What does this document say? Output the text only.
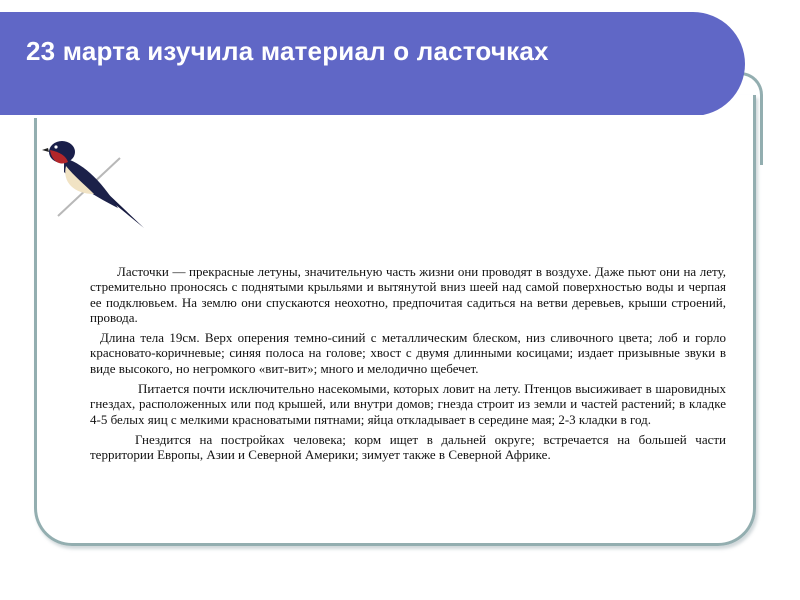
23 марта изучила материал о ласточках

Ласточки — прекрасные летуны, значительную часть жизни они проводят в воздухе. Даже пьют они на лету, стремительно проносясь с поднятыми крыльями и вытянутой вниз шеей над самой поверхностью воды и черпая ее подклювьем. На землю они спускаются неохотно, предпочитая садиться на ветви деревьев, крыши строений, провода.

Длина тела 19см. Верх оперения темно-синий с металлическим блеском, низ сливочного цвета; лоб и горло красновато-коричневые; синяя полоса на голове; хвост с двумя длинными косицами; издает призывные звуки в виде высокого, но негромкого «вит-вит»; много и мелодично щебечет.

Питается почти исключительно насекомыми, которых ловит на лету. Птенцов высиживает в шаровидных гнездах, расположенных или под крышей, или внутри домов; гнезда строит из земли и частей растений; в кладке 4-5 белых яиц с мелкими красноватыми пятнами; яйца откладывает в середине мая; 2-3 кладки в год.

Гнездится на постройках человека; корм ищет в дальней округе; встречается на большей части территории Европы, Азии и Северной Америки; зимует также в Северной Африке.
